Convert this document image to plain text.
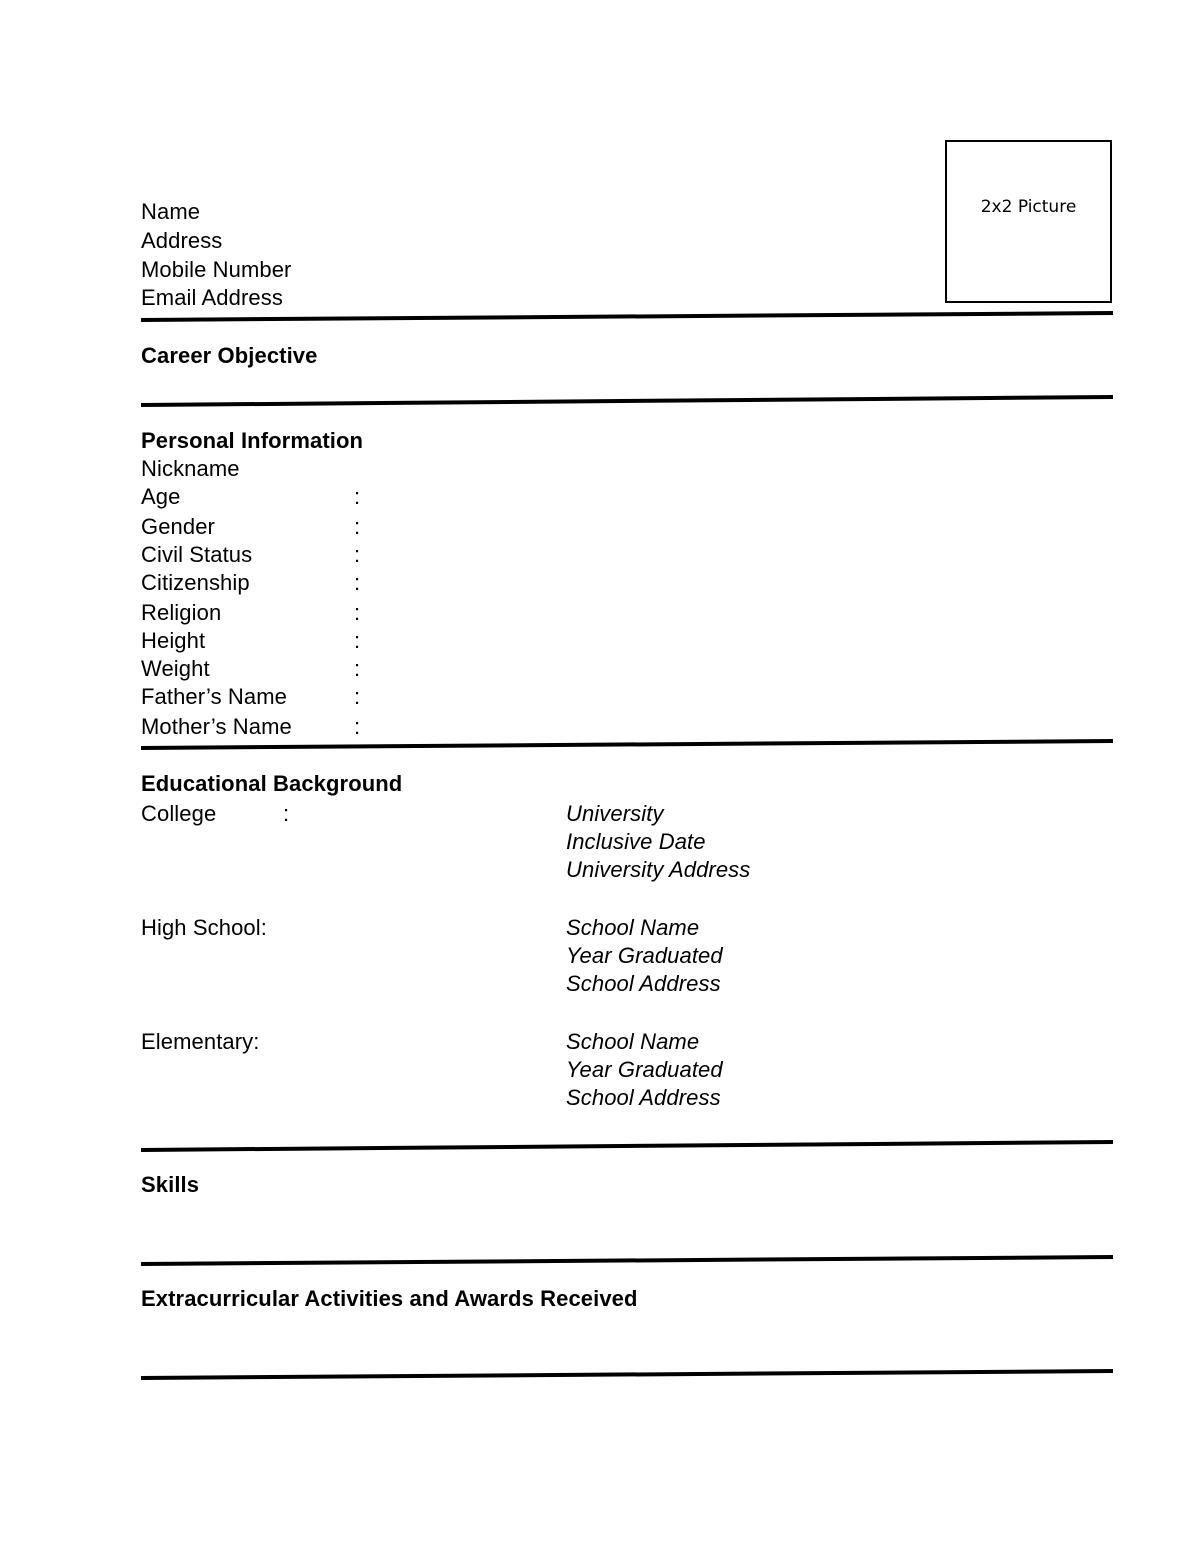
Name
Address
Mobile Number
Email Address
2x2 Picture
Career Objective
Personal Information
Nickname
Age	:
Gender	:
Civil Status	:
Citizenship	:
Religion	:
Height	:
Weight	:
Father’s Name	:
Mother’s Name	:
Educational Background
College	:	University
Inclusive Date
University Address
High School:	School Name
Year Graduated
School Address
Elementary:	School Name
Year Graduated
School Address
Skills
Extracurricular Activities and Awards Received
